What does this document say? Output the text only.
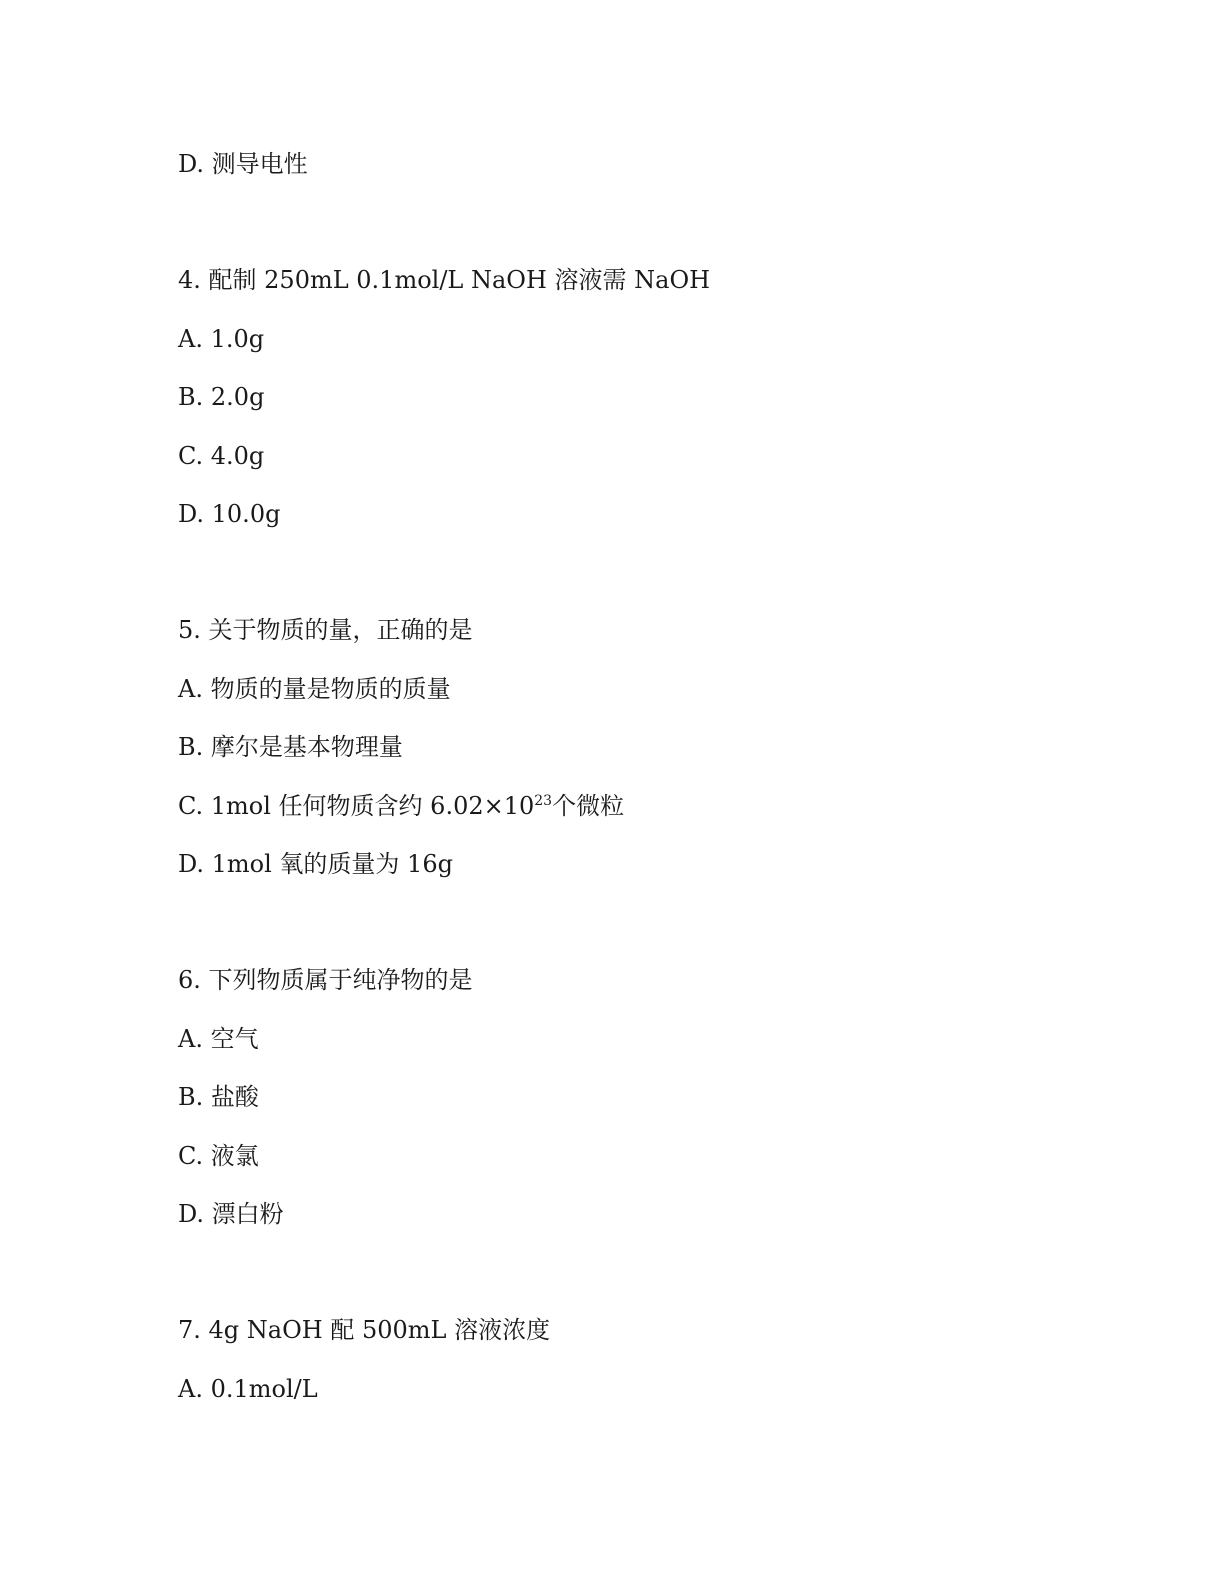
D. 测导电性
4. 配制 250mL 0.1mol/L NaOH 溶液需 NaOH
A. 1.0g
B. 2.0g
C. 4.0g
D. 10.0g
5. 关于物质的量，正确的是
A. 物质的量是物质的质量
B. 摩尔是基本物理量
C. 1mol 任何物质含约 $6.02\times 10^{23}$个微粒
D. 1mol 氧的质量为 16g
6. 下列物质属于纯净物的是
A. 空气
B. 盐酸
C. 液氯
D. 漂白粉
7. 4g NaOH 配 500mL 溶液浓度
A. 0.1mol/L
